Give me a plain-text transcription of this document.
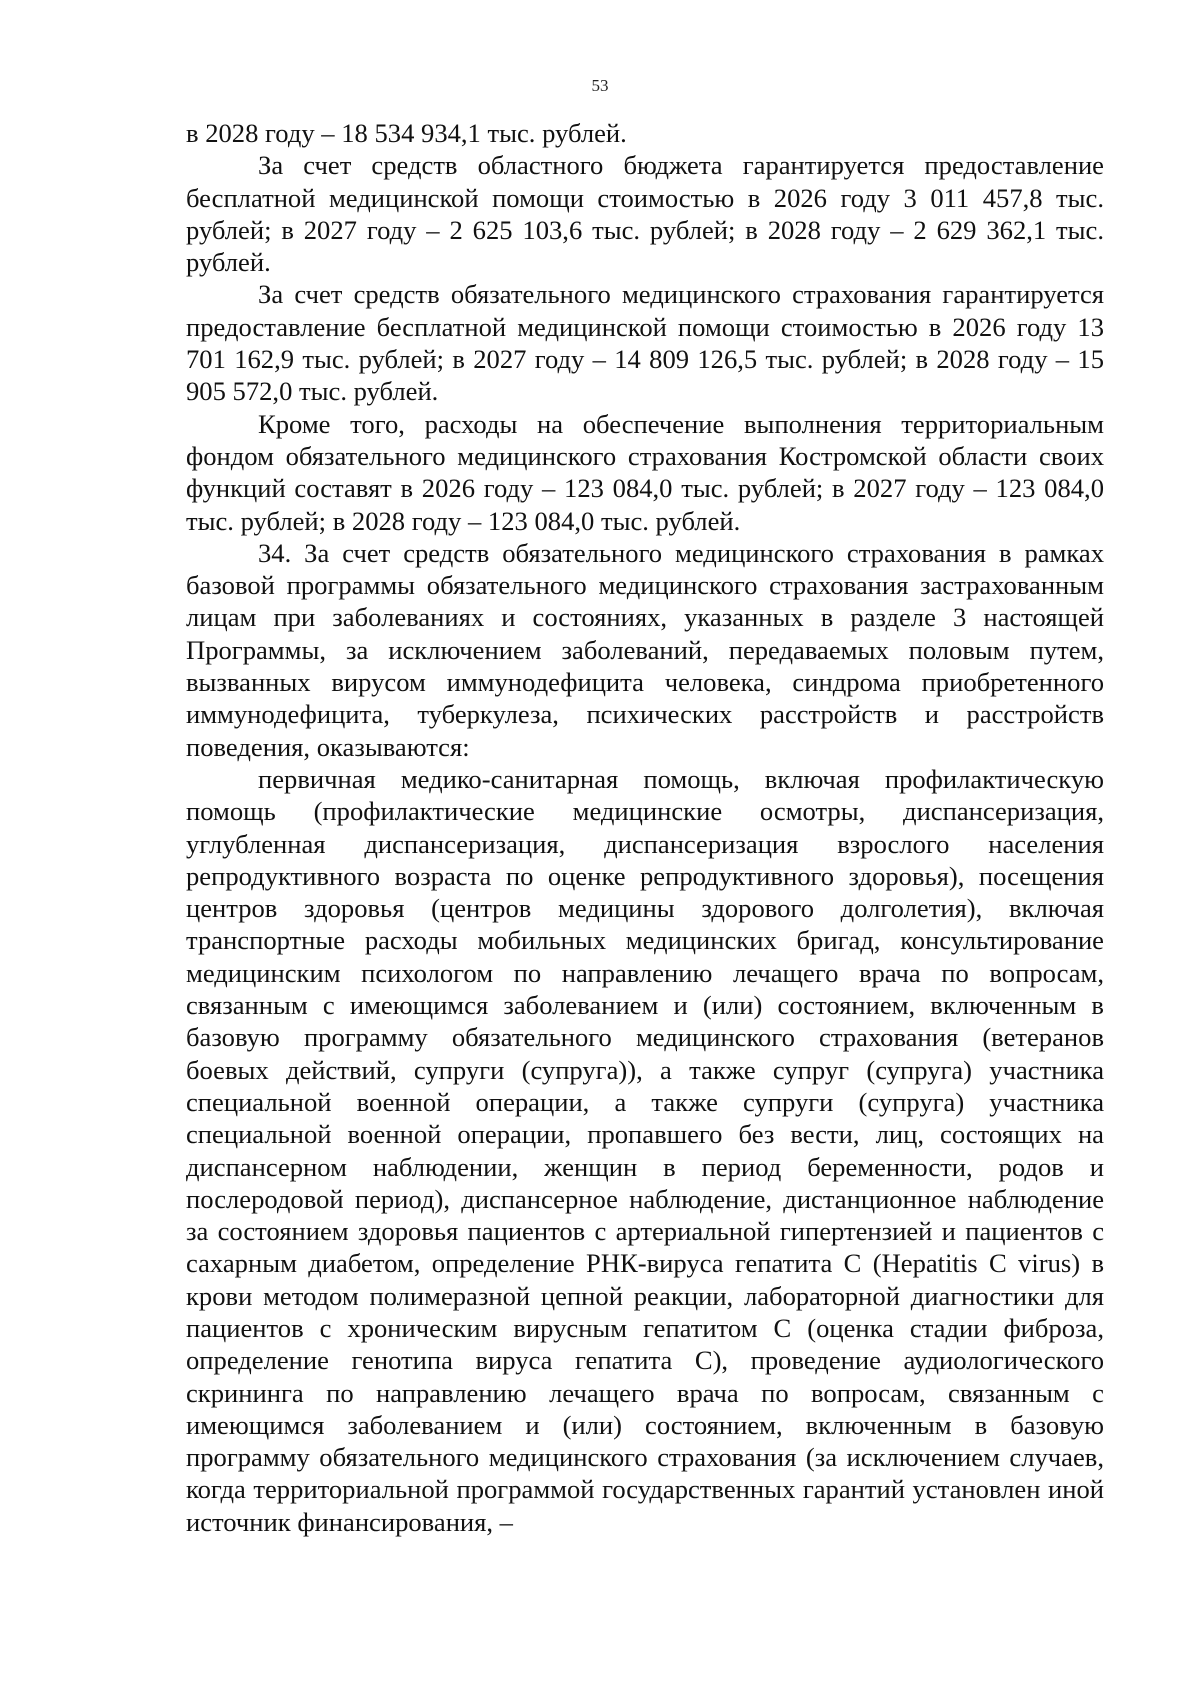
53

в 2028 году – 18 534 934,1 тыс. рублей.

За счет средств областного бюджета гарантируется предоставление бесплатной медицинской помощи стоимостью в 2026 году 3 011 457,8 тыс. рублей; в 2027 году – 2 625 103,6 тыс. рублей; в 2028 году – 2 629 362,1 тыс. рублей.

За счет средств обязательного медицинского страхования гарантируется предоставление бесплатной медицинской помощи стоимостью в 2026 году 13 701 162,9 тыс. рублей; в 2027 году – 14 809 126,5 тыс. рублей; в 2028 году – 15 905 572,0 тыс. рублей.

Кроме того, расходы на обеспечение выполнения территориальным фондом обязательного медицинского страхования Костромской области своих функций составят в 2026 году – 123 084,0 тыс. рублей; в 2027 году – 123 084,0 тыс. рублей; в 2028 году – 123 084,0 тыс. рублей.

34. За счет средств обязательного медицинского страхования в рамках базовой программы обязательного медицинского страхования застрахованным лицам при заболеваниях и состояниях, указанных в разделе 3 настоящей Программы, за исключением заболеваний, передаваемых половым путем, вызванных вирусом иммунодефицита человека, синдрома приобретенного иммунодефицита, туберкулеза, психических расстройств и расстройств поведения, оказываются:

первичная медико-санитарная помощь, включая профилактическую помощь (профилактические медицинские осмотры, диспансеризация, углубленная диспансеризация, диспансеризация взрослого населения репродуктивного возраста по оценке репродуктивного здоровья), посещения центров здоровья (центров медицины здорового долголетия), включая транспортные расходы мобильных медицинских бригад, консультирование медицинским психологом по направлению лечащего врача по вопросам, связанным с имеющимся заболеванием и (или) состоянием, включенным в базовую программу обязательного медицинского страхования (ветеранов боевых действий, супруги (супруга)), а также супруг (супруга) участника специальной военной операции, а также супруги (супруга) участника специальной военной операции, пропавшего без вести, лиц, состоящих на диспансерном наблюдении, женщин в период беременности, родов и послеродовой период), диспансерное наблюдение, дистанционное наблюдение за состоянием здоровья пациентов с артериальной гипертензией и пациентов с сахарным диабетом, определение РНК-вируса гепатита С (Hepatitis C virus) в крови методом полимеразной цепной реакции, лабораторной диагностики для пациентов с хроническим вирусным гепатитом С (оценка стадии фиброза, определение генотипа вируса гепатита С), проведение аудиологического скрининга по направлению лечащего врача по вопросам, связанным с имеющимся заболеванием и (или) состоянием, включенным в базовую программу обязательного медицинского страхования (за исключением случаев, когда территориальной программой государственных гарантий установлен иной источник финансирования, –
